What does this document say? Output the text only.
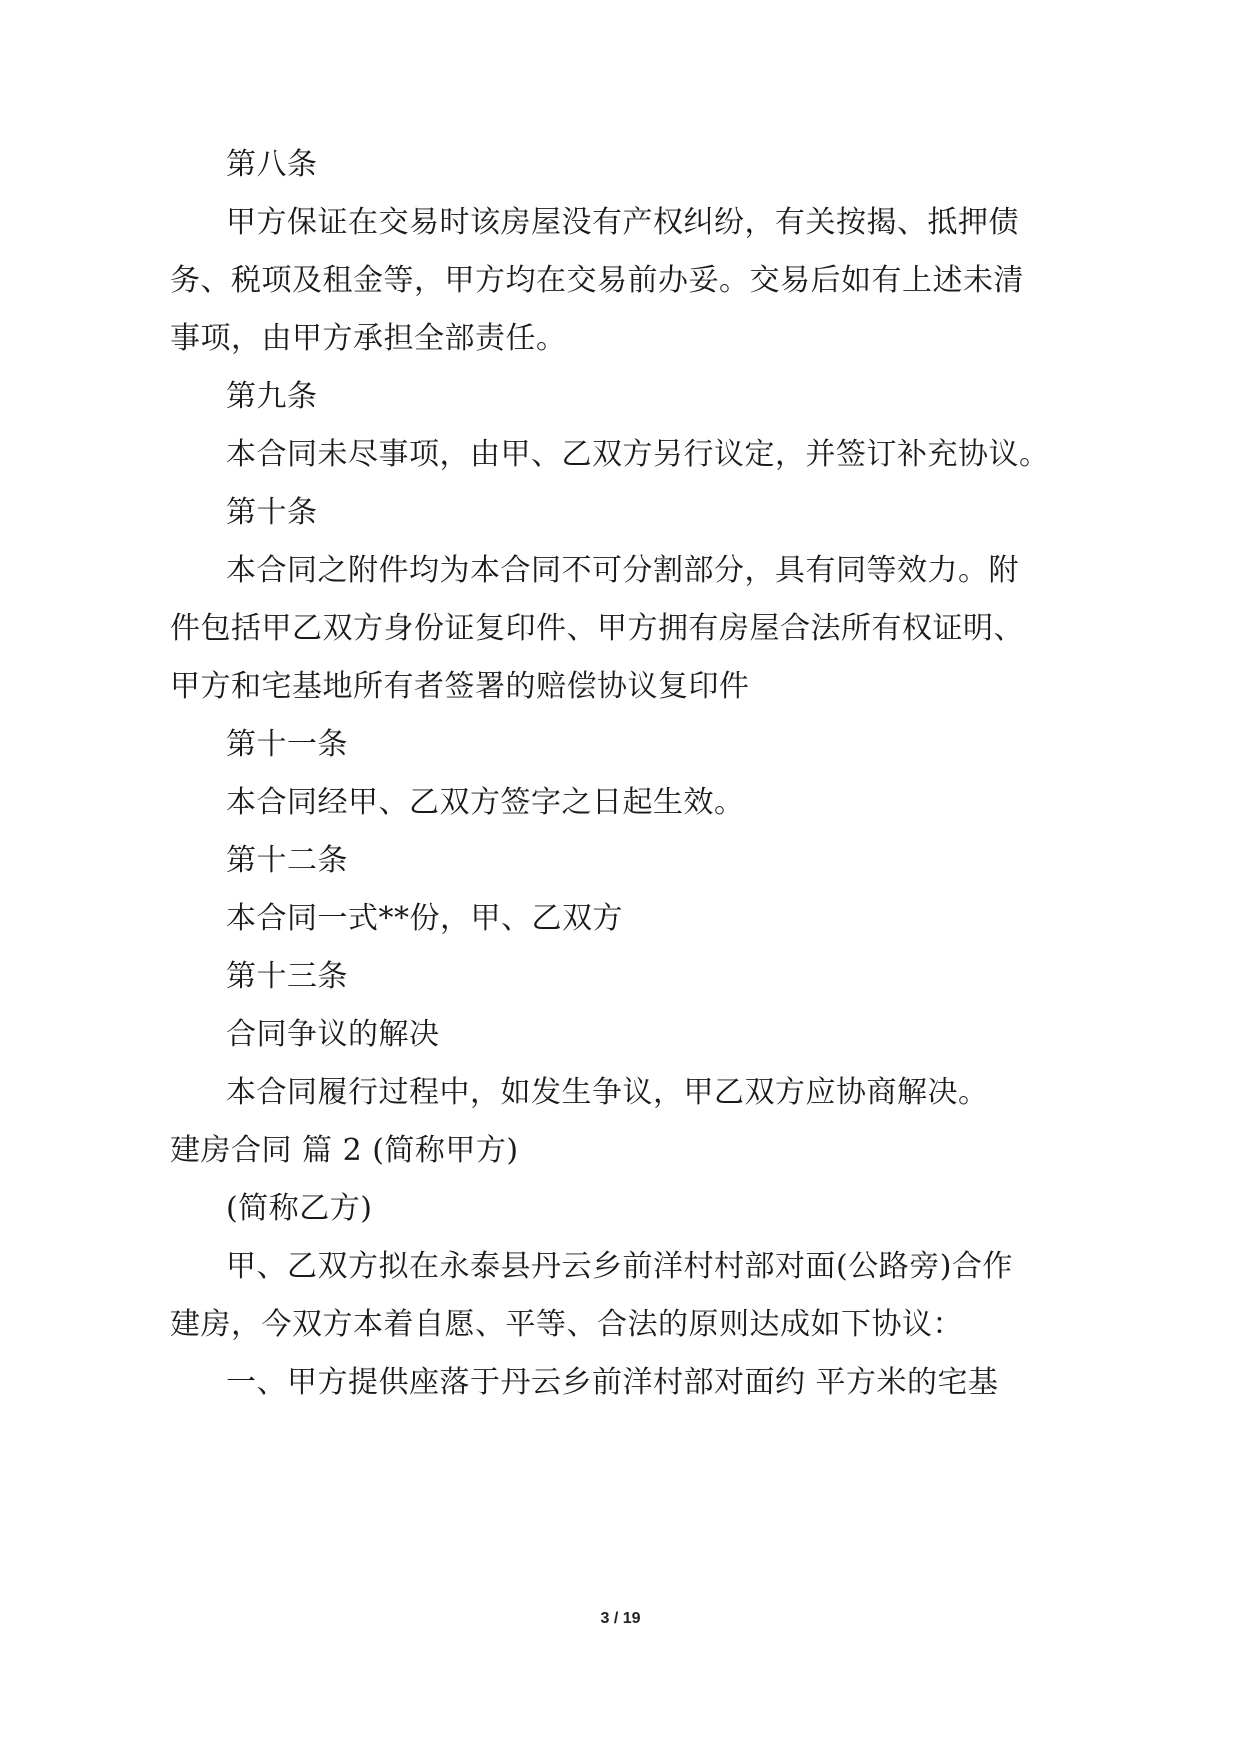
第八条
甲方保证在交易时该房屋没有产权纠纷，有关按揭、抵押债
务、税项及租金等，甲方均在交易前办妥。交易后如有上述未清
事项，由甲方承担全部责任。
第九条
本合同未尽事项，由甲、乙双方另行议定，并签订补充协议。
第十条
本合同之附件均为本合同不可分割部分，具有同等效力。附
件包括甲乙双方身份证复印件、甲方拥有房屋合法所有权证明、
甲方和宅基地所有者签署的赔偿协议复印件
第十一条
本合同经甲、乙双方签字之日起生效。
第十二条
本合同一式**份，甲、乙双方
第十三条
合同争议的解决
本合同履行过程中，如发生争议，甲乙双方应协商解决。
建房合同 篇 2 (简称甲方)
(简称乙方)
甲、乙双方拟在永泰县丹云乡前洋村村部对面(公路旁)合作
建房，今双方本着自愿、平等、合法的原则达成如下协议：
一、甲方提供座落于丹云乡前洋村部对面约 平方米的宅基
3 / 19
